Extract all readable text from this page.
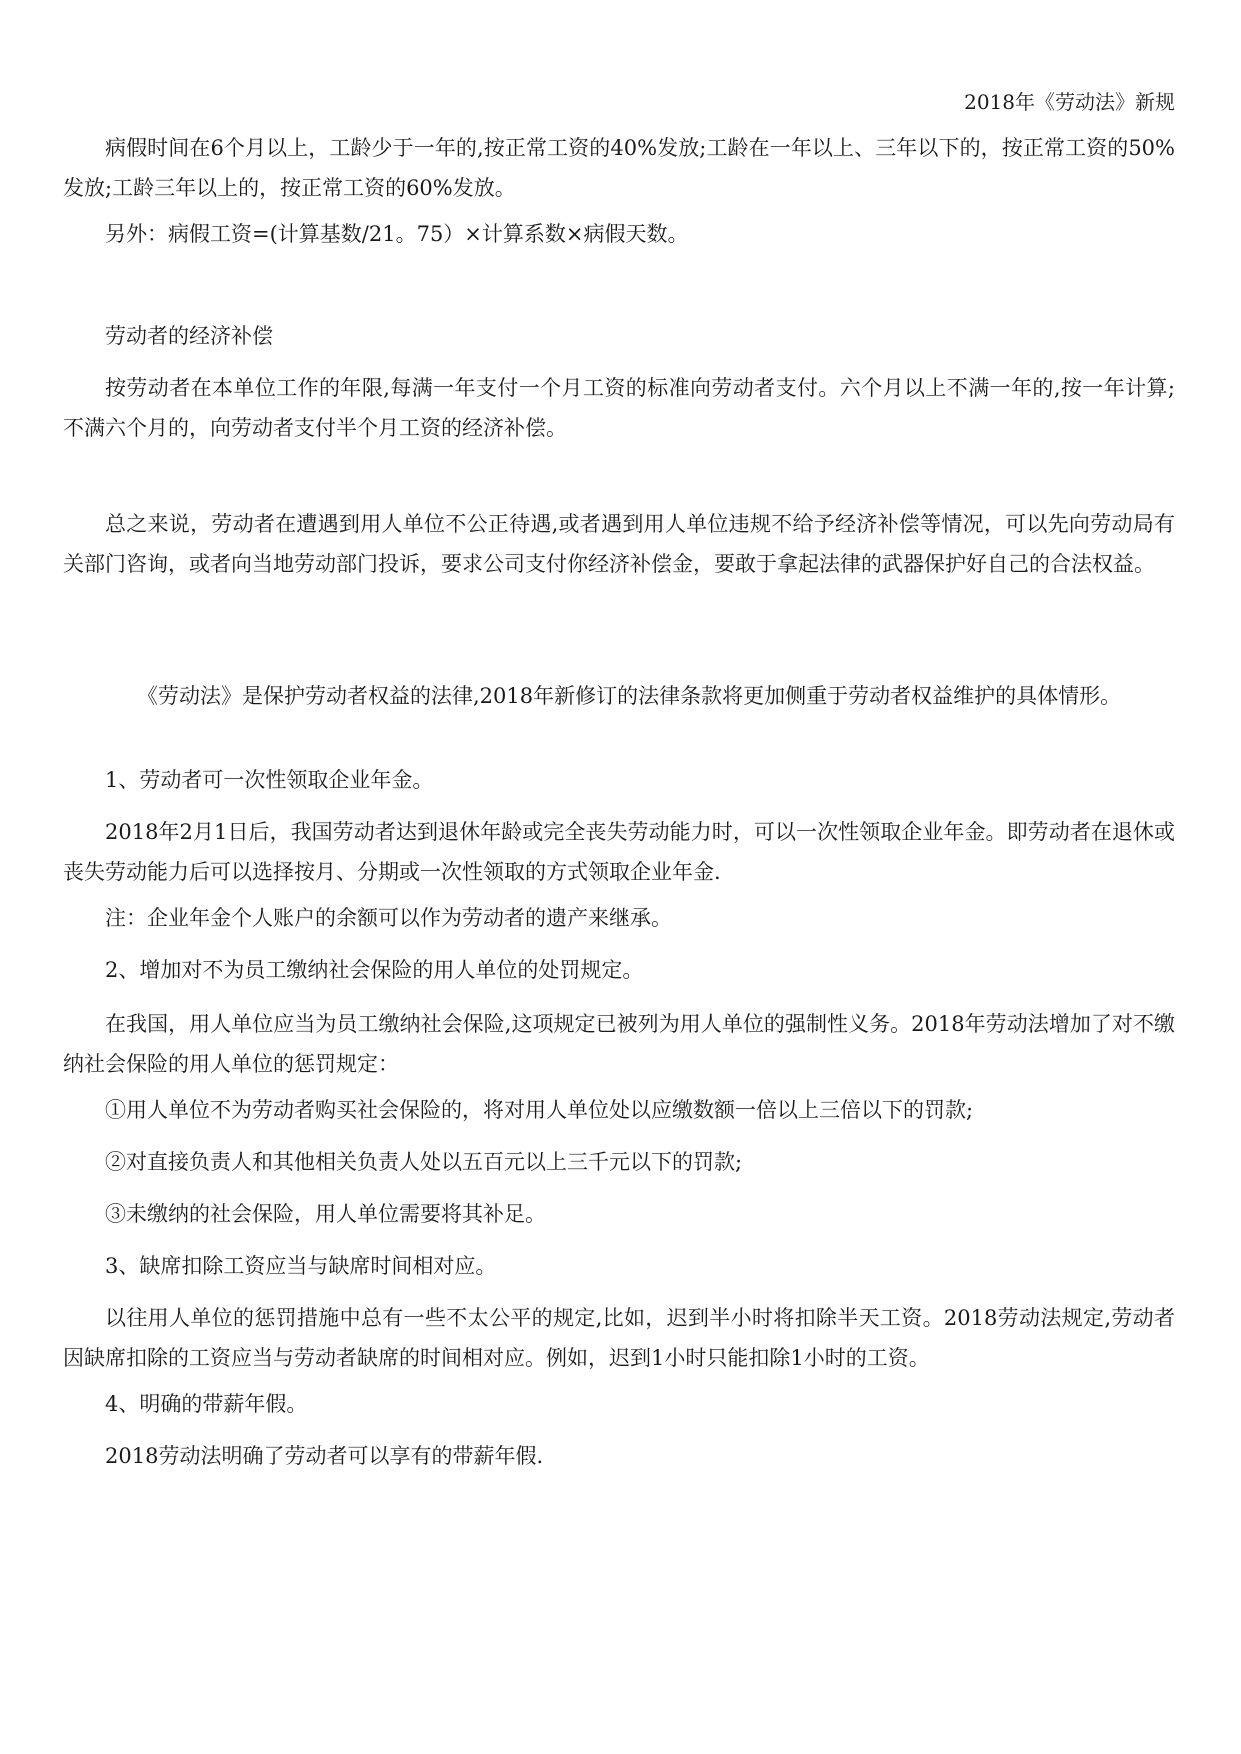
2018年《劳动法》新规

病假时间在6个月以上，工龄少于一年的,按正常工资的40%发放;工龄在一年以上、三年以下的，按正常工资的50%发放;工龄三年以上的，按正常工资的60%发放。

另外：病假工资=(计算基数/21。75）×计算系数×病假天数。

劳动者的经济补偿

按劳动者在本单位工作的年限,每满一年支付一个月工资的标准向劳动者支付。六个月以上不满一年的,按一年计算;不满六个月的，向劳动者支付半个月工资的经济补偿。

总之来说，劳动者在遭遇到用人单位不公正待遇,或者遇到用人单位违规不给予经济补偿等情况，可以先向劳动局有关部门咨询，或者向当地劳动部门投诉，要求公司支付你经济补偿金，要敢于拿起法律的武器保护好自己的合法权益。

《劳动法》是保护劳动者权益的法律,2018年新修订的法律条款将更加侧重于劳动者权益维护的具体情形。

1、劳动者可一次性领取企业年金。

2018年2月1日后，我国劳动者达到退休年龄或完全丧失劳动能力时，可以一次性领取企业年金。即劳动者在退休或丧失劳动能力后可以选择按月、分期或一次性领取的方式领取企业年金.

注：企业年金个人账户的余额可以作为劳动者的遗产来继承。

2、增加对不为员工缴纳社会保险的用人单位的处罚规定。

在我国，用人单位应当为员工缴纳社会保险,这项规定已被列为用人单位的强制性义务。2018年劳动法增加了对不缴纳社会保险的用人单位的惩罚规定：

①用人单位不为劳动者购买社会保险的，将对用人单位处以应缴数额一倍以上三倍以下的罚款;

②对直接负责人和其他相关负责人处以五百元以上三千元以下的罚款;

③未缴纳的社会保险，用人单位需要将其补足。

3、缺席扣除工资应当与缺席时间相对应。

以往用人单位的惩罚措施中总有一些不太公平的规定,比如，迟到半小时将扣除半天工资。2018劳动法规定,劳动者因缺席扣除的工资应当与劳动者缺席的时间相对应。例如，迟到1小时只能扣除1小时的工资。

4、明确的带薪年假。

2018劳动法明确了劳动者可以享有的带薪年假.
